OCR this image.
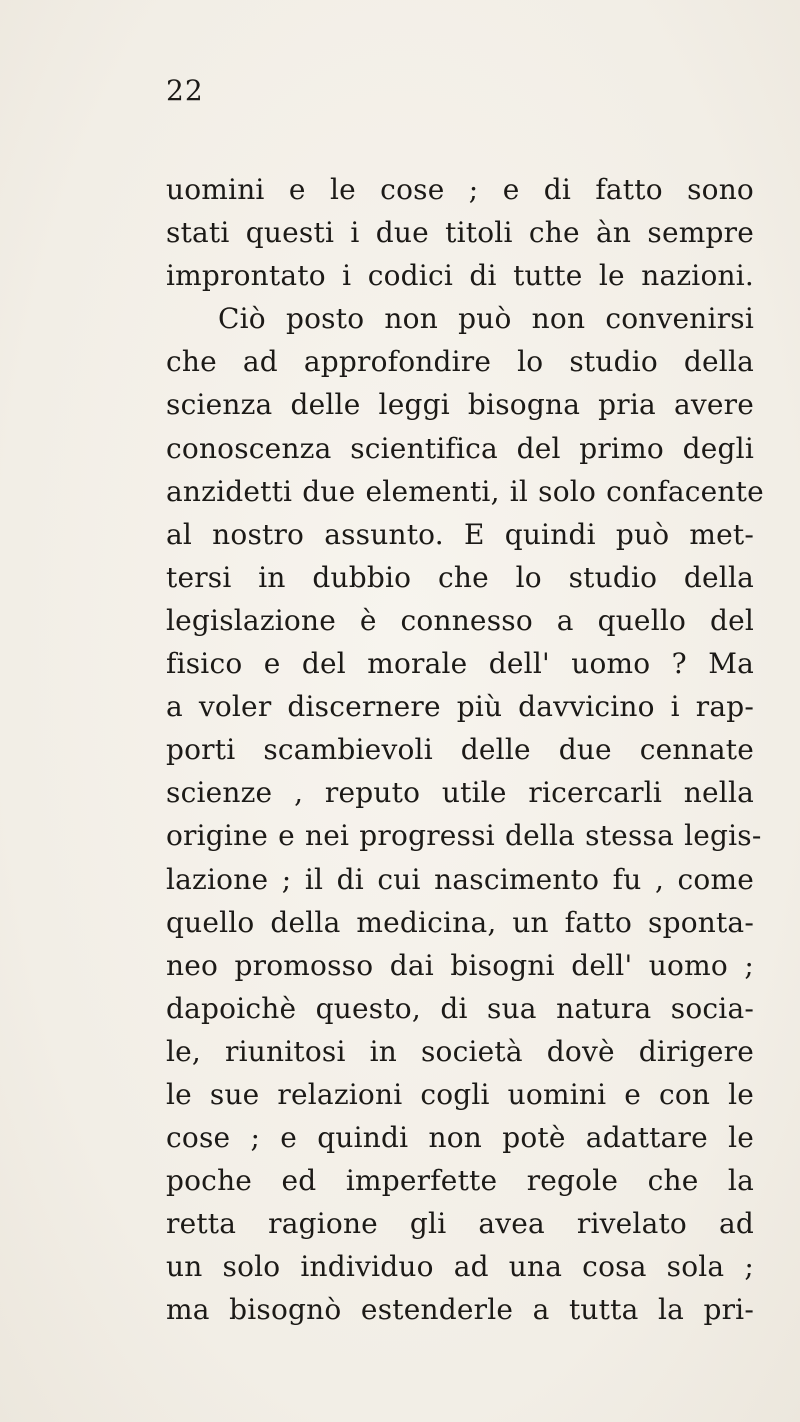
22
uomini e le cose ; e di fatto sono
stati questi i due titoli che àn sempre
improntato i codici di tutte le nazioni.
Ciò posto non può non convenirsi
che ad approfondire lo studio della
scienza delle leggi bisogna pria avere
conoscenza scientifica del primo degli
anzidetti due elementi, il solo confacente
al nostro assunto. E quindi può met-
tersi in dubbio che lo studio della
legislazione è connesso a quello del
fisico e del morale dell' uomo ? Ma
a voler discernere più davvicino i rap-
porti scambievoli delle due cennate
scienze , reputo utile ricercarli nella
origine e nei progressi della stessa legis-
lazione ; il di cui nascimento fu , come
quello della medicina, un fatto sponta-
neo promosso dai bisogni dell' uomo ;
dapoichè questo, di sua natura socia-
le, riunitosi in società dovè dirigere
le sue relazioni cogli uomini e con le
cose ; e quindi non potè adattare le
poche ed imperfette regole che la
retta ragione gli avea rivelato ad
un solo individuo ad una cosa sola ;
ma bisognò estenderle a tutta la pri-
